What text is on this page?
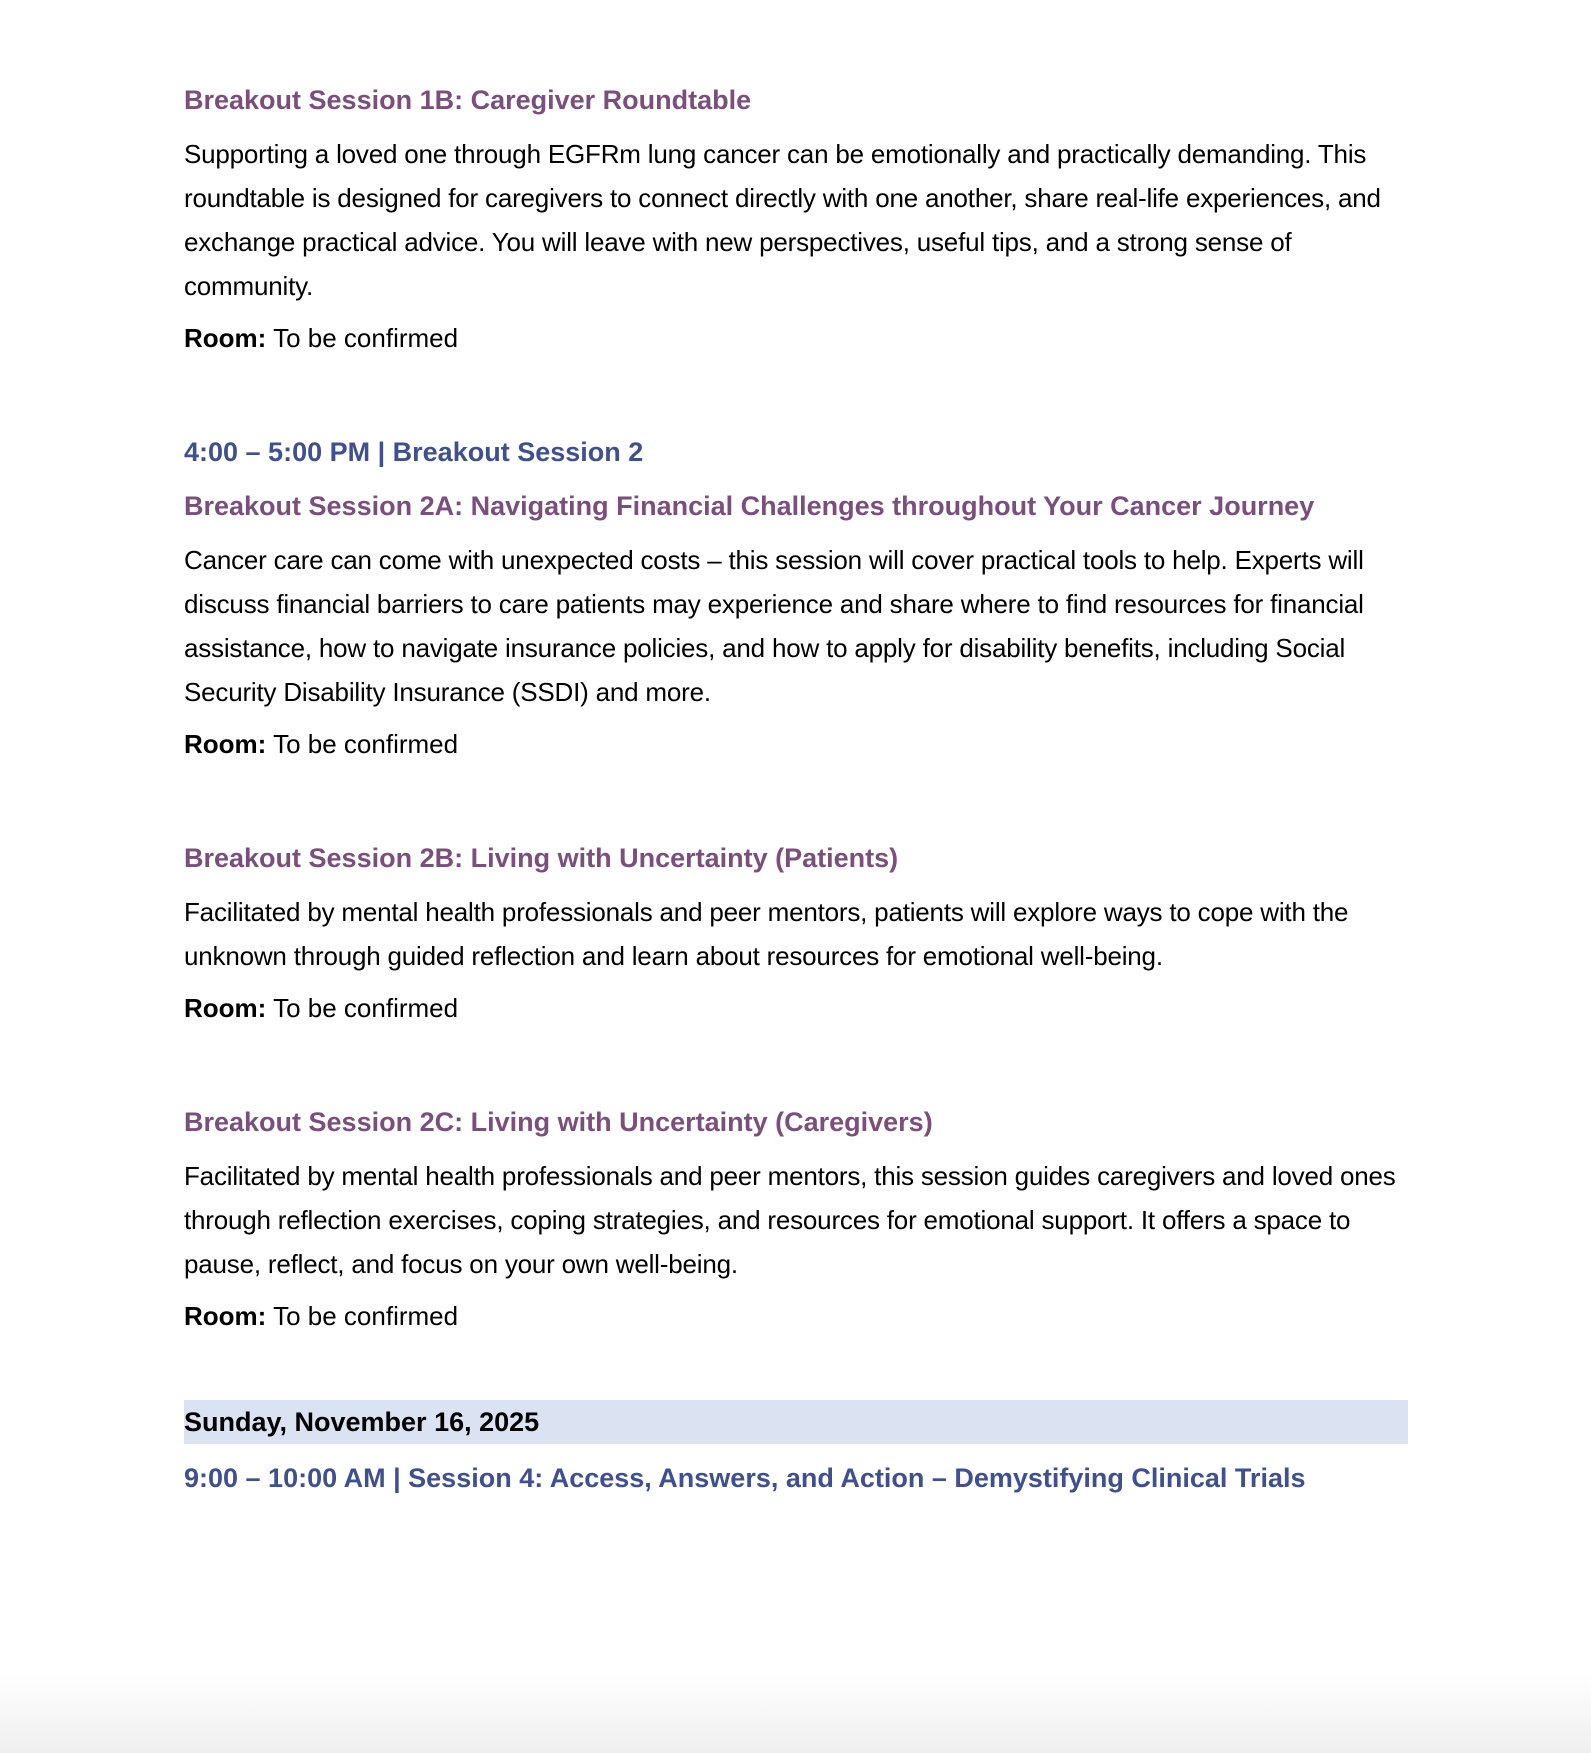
Breakout Session 1B: Caregiver Roundtable

Supporting a loved one through EGFRm lung cancer can be emotionally and practically demanding. This roundtable is designed for caregivers to connect directly with one another, share real-life experiences, and exchange practical advice. You will leave with new perspectives, useful tips, and a strong sense of community.

Room: To be confirmed

4:00 – 5:00 PM | Breakout Session 2
Breakout Session 2A: Navigating Financial Challenges throughout Your Cancer Journey

Cancer care can come with unexpected costs – this session will cover practical tools to help. Experts will discuss financial barriers to care patients may experience and share where to find resources for financial assistance, how to navigate insurance policies, and how to apply for disability benefits, including Social Security Disability Insurance (SSDI) and more.

Room: To be confirmed

Breakout Session 2B: Living with Uncertainty (Patients)

Facilitated by mental health professionals and peer mentors, patients will explore ways to cope with the unknown through guided reflection and learn about resources for emotional well-being.

Room: To be confirmed

Breakout Session 2C: Living with Uncertainty (Caregivers)

Facilitated by mental health professionals and peer mentors, this session guides caregivers and loved ones through reflection exercises, coping strategies, and resources for emotional support. It offers a space to pause, reflect, and focus on your own well-being.

Room: To be confirmed

Sunday, November 16, 2025
9:00 – 10:00 AM | Session 4: Access, Answers, and Action – Demystifying Clinical Trials
